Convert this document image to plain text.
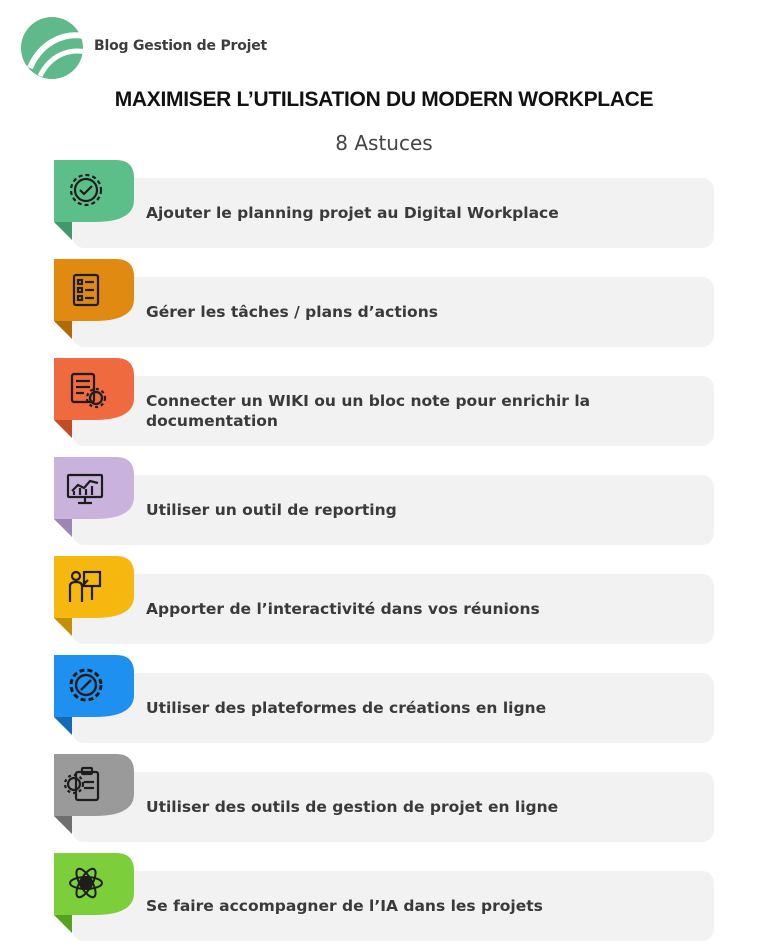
Blog Gestion de Projet
MAXIMISER L’UTILISATION DU MODERN WORKPLACE
8 Astuces
Ajouter le planning projet au Digital Workplace
Gérer les tâches / plans d’actions
Connecter un WIKI ou un bloc note pour enrichir la documentation
Utiliser un outil de reporting
Apporter de l’interactivité dans vos réunions
Utiliser des plateformes de créations en ligne
Utiliser des outils de gestion de projet en ligne
Se faire accompagner de l’IA dans les projets
